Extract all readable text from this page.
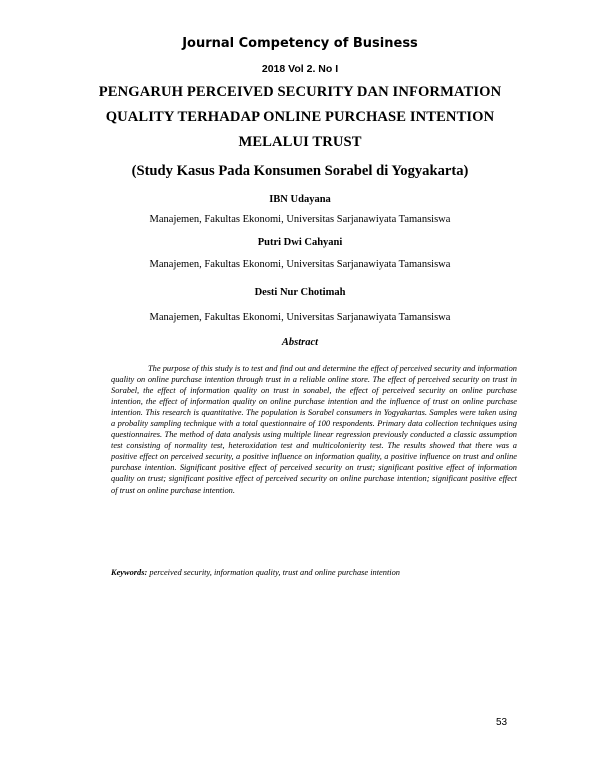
Journal Competency of Business
2018 Vol 2. No I
PENGARUH PERCEIVED SECURITY DAN INFORMATION
QUALITY TERHADAP ONLINE PURCHASE INTENTION
MELALUI TRUST
(Study Kasus Pada Konsumen Sorabel di Yogyakarta)
IBN Udayana
Manajemen, Fakultas Ekonomi, Universitas Sarjanawiyata Tamansiswa
Putri Dwi Cahyani
Manajemen, Fakultas Ekonomi, Universitas Sarjanawiyata Tamansiswa
Desti Nur Chotimah
Manajemen, Fakultas Ekonomi, Universitas Sarjanawiyata Tamansiswa
Abstract

The purpose of this study is to test and find out and determine the effect of perceived security and information quality on online purchase intention through trust in a reliable online store. The effect of perceived security on trust in Sorabel, the effect of information quality on trust in sonabel, the effect of perceived security on online purchase intention, the effect of information quality on online purchase intention and the influence of trust on online purchase intention. This research is quantitative. The population is Sorabel consumers in Yogyakartas. Samples were taken using a probality sampling technique with a total questionnaire of 100 respondents. Primary data collection techniques using questionnaires. The method of data analysis using multiple linear regression previously conducted a classic assumption test consisting of normality test, heteroxidation test and multicolonierity test. The results showed that there was a positive effect on perceived security, a positive influence on information quality, a positive influence on trust and online purchase intention. Significant positive effect of perceived security on trust; significant positive effect of information quality on trust; significant positive effect of perceived security on online purchase intention; significant positive effect of trust on online purchase intention.

Keywords: perceived security, information quality, trust and online purchase intention

53
